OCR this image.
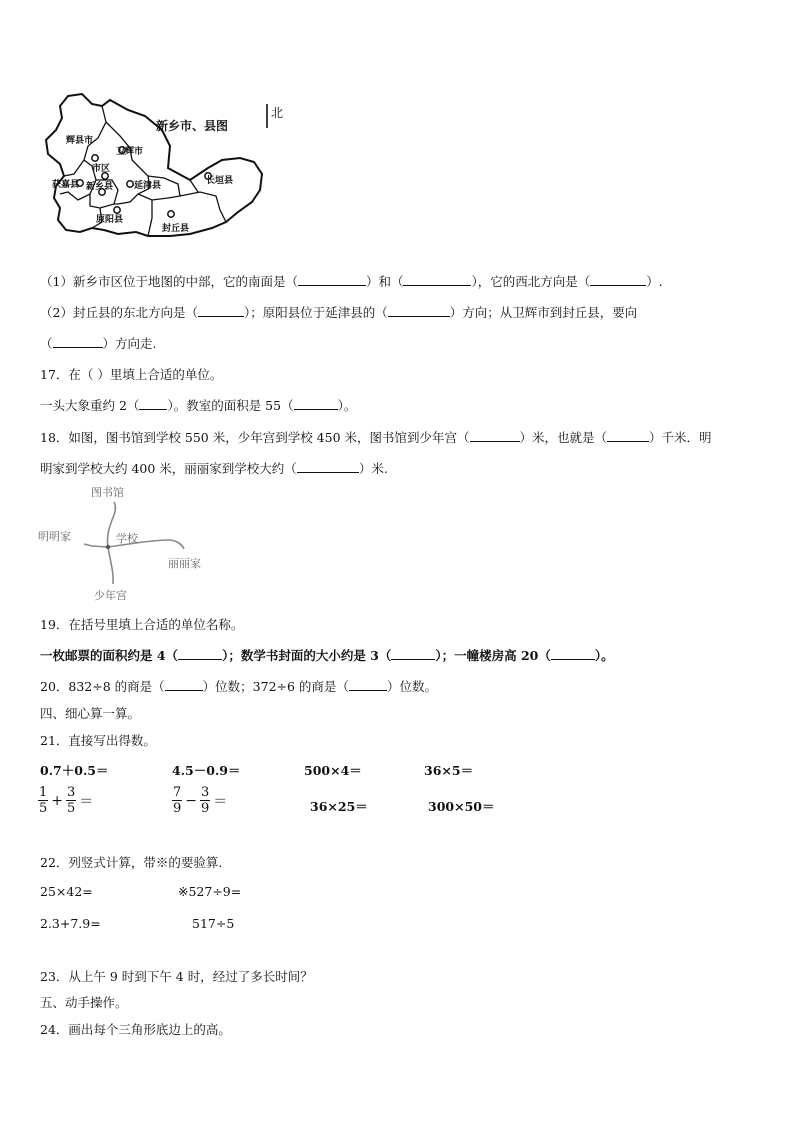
辉县市
卫辉市
市区
获嘉县 新乡县 延津县	长垣县
原阳县
封丘县
新乡市、县图
北
（1）新乡市区位于地图的中部，它的南面是（	）和（	），它的西北方向是（	）.
（2）封丘县的东北方向是（	）；原阳县位于延津县的（	）方向；从卫辉市到封丘县，要向
（	）方向走.
17．在（ ）里填上合适的单位。
一头大象重约 2（ ）。教室的面积是 55（	）。
18．如图，图书馆到学校 550 米，少年宫到学校 450 米，图书馆到少年宫（	）米，也就是（	）千米．明
明家到学校大约 400 米，丽丽家到学校大约（	）米.
图书馆
明明家	学校
丽丽家
少年宫
19．在括号里填上合适的单位名称。
一枚邮票的面积约是 4（	）；数学书封面的大小约是 3（	）；一幢楼房高 20（	）。
20．832÷8 的商是（	）位数；372÷6 的商是（	）位数。
四、细心算一算。
21．直接写出得数。
0.7＋0.5＝	4.5－0.9＝	500×4＝	36×5＝
$\frac{1}{5} + \frac{3}{5}$ ＝	$\frac{7}{9} - \frac{3}{9}$ ＝	36×25＝	300×50＝
22．列竖式计算，带※的要验算.
25×42=	※527÷9=
2.3+7.9=	517÷5
23．从上午 9 时到下午 4 时，经过了多长时间？
五、动手操作。
24．画出每个三角形底边上的高。
